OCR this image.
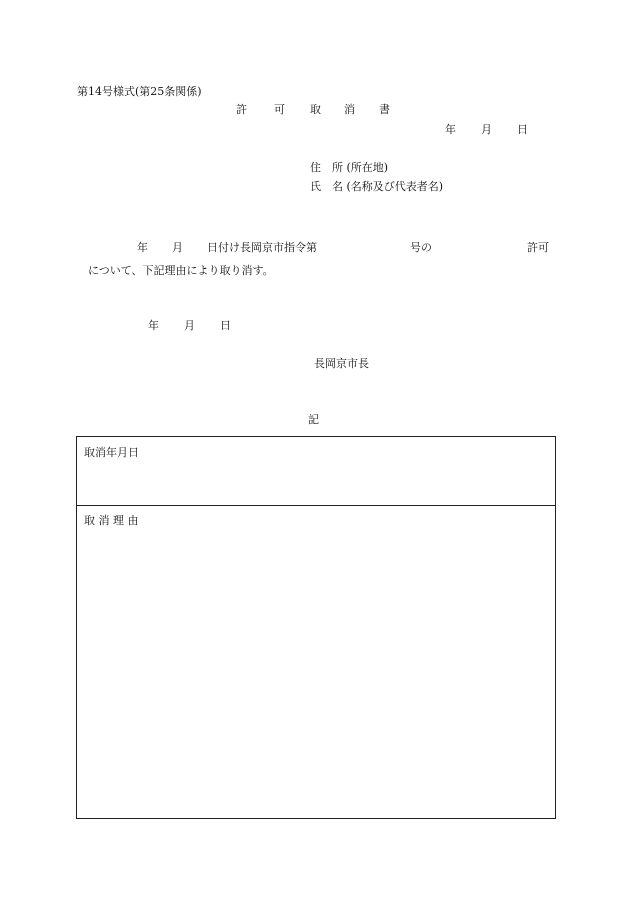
第14号様式(第25条関係)
許 可 取 消 書
年 月 日
住　所 (所在地)
氏　名 (名称及び代表者名)
年 月 日付け長岡京市指令第	号の	許可
について、下記理由により取り消す。
年 月 日
長岡京市長
記
取消年月日
取 消 理 由
